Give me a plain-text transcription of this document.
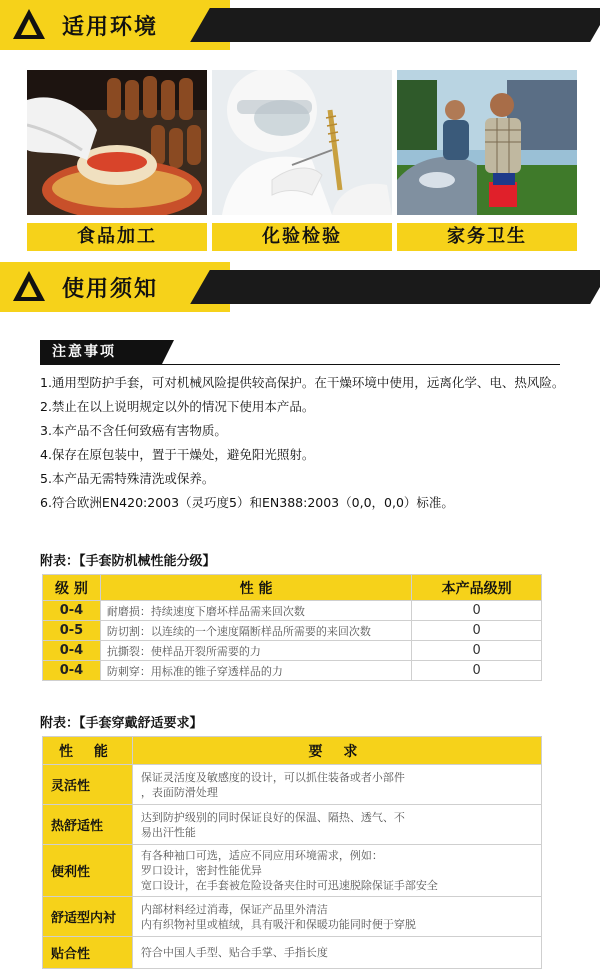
适用环境
食品加工	化验检验	家务卫生
使用须知
注意事项
1.通用型防护手套，可对机械风险提供较高保护。在干燥环境中使用，远离化学、电、热风险。
2.禁止在以上说明规定以外的情况下使用本产品。
3.本产品不含任何致癌有害物质。
4.保存在原包装中，置于干燥处，避免阳光照射。
5.本产品无需特殊清洗或保养。
6.符合欧洲EN420:2003（灵巧度5）和EN388:2003（0,0，0,0）标准。
附表：【手套防机械性能分级】
级 别	性 能	本产品级别
0-4	耐磨损：持续速度下磨坏样品需来回次数	0
0-5	防切割：以连续的一个速度隔断样品所需要的来回次数	0
0-4	抗撕裂：使样品开裂所需要的力	0
0-4	防刺穿：用标准的锥子穿透样品的力	0
附表：【手套穿戴舒适要求】
性 能	要 求
灵活性	保证灵活度及敏感度的设计，可以抓住装备或者小部件
，表面防滑处理

热舒适性	达到防护级别的同时保证良好的保温、隔热、透气、不
易出汗性能

便利性	有各种袖口可选，适应不同应用环境需求，例如：
罗口设计，密封性能优异
宽口设计，在手套被危险设备夹住时可迅速脱除保证手部安全

舒适型内衬	内部材料经过消毒，保证产品里外清洁
内有织物衬里或植绒，具有吸汗和保暖功能同时便于穿脱

贴合性	符合中国人手型、贴合手掌、手指长度
